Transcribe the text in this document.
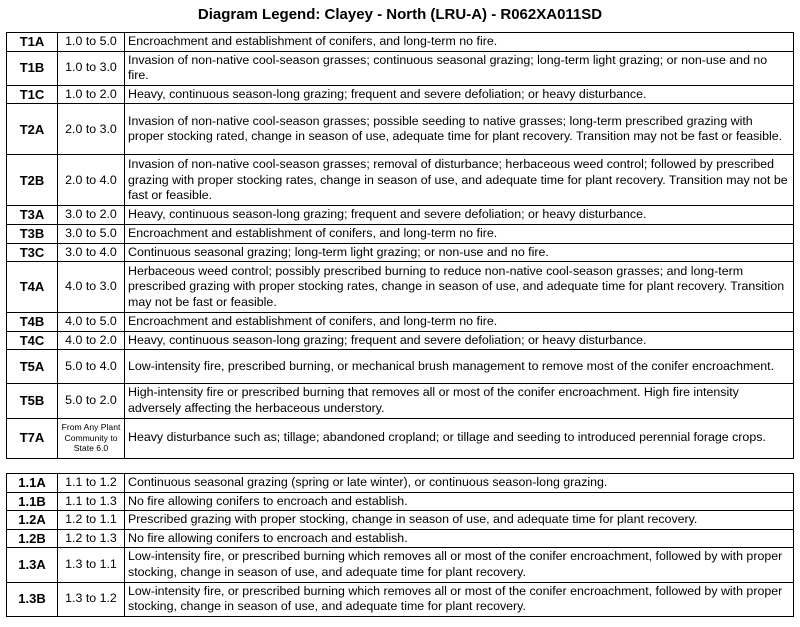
Diagram Legend: Clayey - North (LRU-A) - R062XA011SD
T1A	1.0 to 5.0	Encroachment and establishment of conifers, and long-term no fire.
T1B	1.0 to 3.0	Invasion of non-native cool-season grasses; continuous seasonal grazing; long-term light grazing; or non-use and no fire.
T1C	1.0 to 2.0	Heavy, continuous season-long grazing; frequent and severe defoliation; or heavy disturbance.
T2A	2.0 to 3.0	Invasion of non-native cool-season grasses; possible seeding to native grasses; long-term prescribed grazing with proper stocking rated, change in season of use, adequate time for plant recovery. Transition may not be fast or feasible.
T2B	2.0 to 4.0	Invasion of non-native cool-season grasses; removal of disturbance; herbaceous weed control; followed by prescribed grazing with proper stocking rates, change in season of use, and adequate time for plant recovery. Transition may not be fast or feasible.
T3A	3.0 to 2.0	Heavy, continuous season-long grazing; frequent and severe defoliation; or heavy disturbance.
T3B	3.0 to 5.0	Encroachment and establishment of conifers, and long-term no fire.
T3C	3.0 to 4.0	Continuous seasonal grazing; long-term light grazing; or non-use and no fire.
T4A	4.0 to 3.0	Herbaceous weed control; possibly prescribed burning to reduce non-native cool-season grasses; and long-term prescribed grazing with proper stocking rates, change in season of use, and adequate time for plant recovery. Transition may not be fast or feasible.
T4B	4.0 to 5.0	Encroachment and establishment of conifers, and long-term no fire.
T4C	4.0 to 2.0	Heavy, continuous season-long grazing; frequent and severe defoliation; or heavy disturbance.
T5A	5.0 to 4.0	Low-intensity fire, prescribed burning, or mechanical brush management to remove most of the conifer encroachment.
T5B	5.0 to 2.0	High-intensity fire or prescribed burning that removes all or most of the conifer encroachment. High fire intensity adversely affecting the herbaceous understory.
T7A	From Any Plant Community to State 6.0	Heavy disturbance such as; tillage; abandoned cropland; or tillage and seeding to introduced perennial forage crops.
1.1A	1.1 to 1.2	Continuous seasonal grazing (spring or late winter), or continuous season-long grazing.
1.1B	1.1 to 1.3	No fire allowing conifers to encroach and establish.
1.2A	1.2 to 1.1	Prescribed grazing with proper stocking, change in season of use, and adequate time for plant recovery.
1.2B	1.2 to 1.3	No fire allowing conifers to encroach and establish.
1.3A	1.3 to 1.1	Low-intensity fire, or prescribed burning which removes all or most of the conifer encroachment, followed by with proper stocking, change in season of use, and adequate time for plant recovery.
1.3B	1.3 to 1.2	Low-intensity fire, or prescribed burning which removes all or most of the conifer encroachment, followed by with proper stocking, change in season of use, and adequate time for plant recovery.
